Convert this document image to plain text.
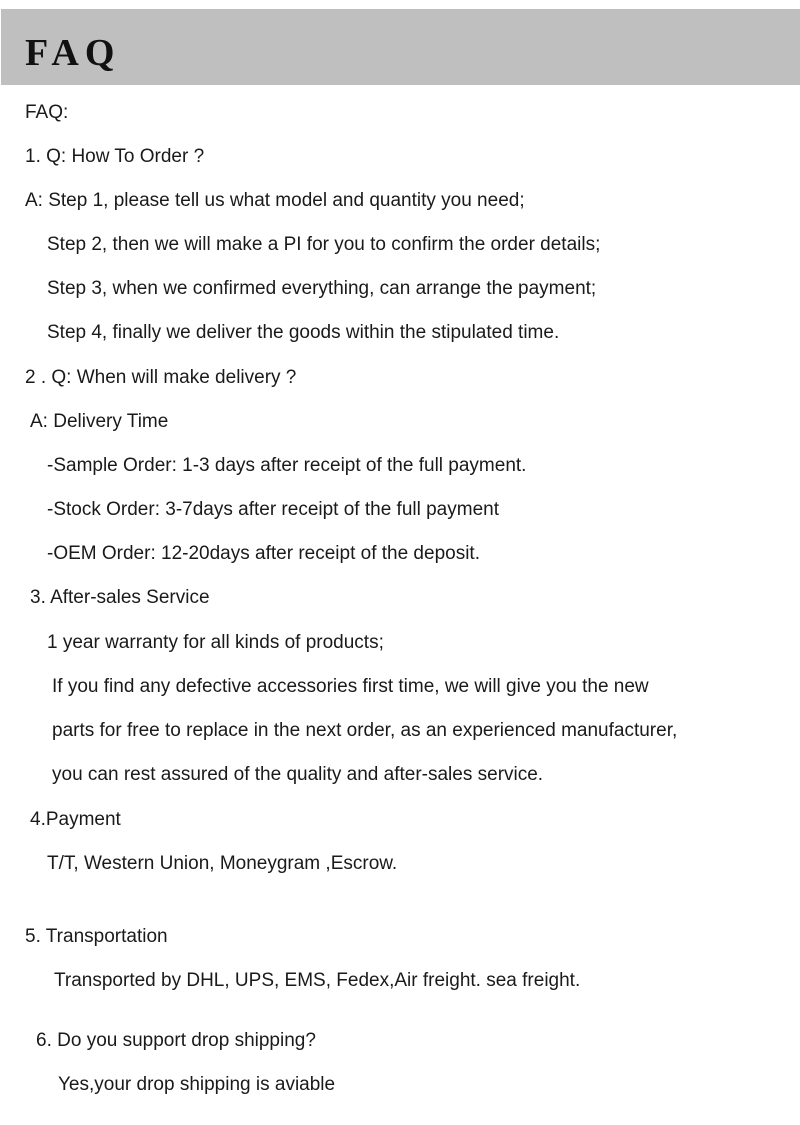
FAQ
FAQ:
1. Q: How To Order ?
A: Step 1, please tell us what model and quantity you need;
Step 2, then we will make a PI for you to confirm the order details;
Step 3, when we confirmed everything, can arrange the payment;
Step 4, finally we deliver the goods within the stipulated time.
2 . Q: When will make delivery ?
A: Delivery Time
-Sample Order: 1-3 days after receipt of the full payment.
-Stock Order: 3-7days after receipt of the full payment
-OEM Order: 12-20days after receipt of the deposit.
3. After-sales Service
1 year warranty for all kinds of products;
If you find any defective accessories first time, we will give you the new
parts for free to replace in the next order, as an experienced manufacturer,
you can rest assured of the quality and after-sales service.
4.Payment
T/T, Western Union, Moneygram ,Escrow.
5. Transportation
Transported by DHL, UPS, EMS, Fedex,Air freight. sea freight.
6. Do you support drop shipping?
Yes,your drop shipping is aviable
